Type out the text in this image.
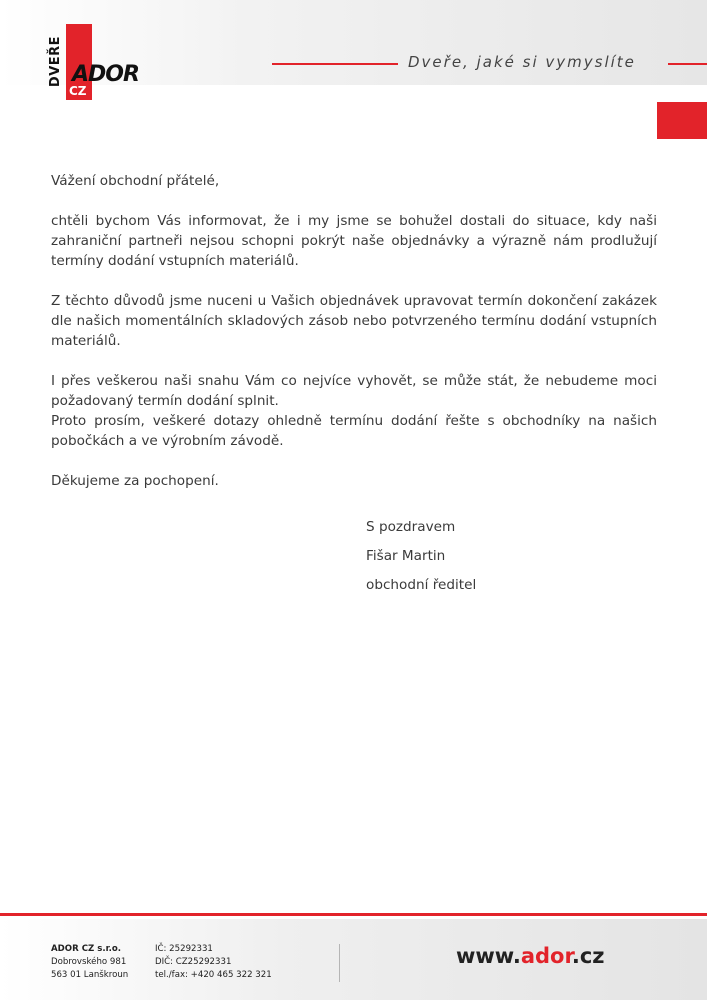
DVEŘE ADOR
CZ
Dveře, jaké si vymyslíte

Vážení obchodní přátelé,

chtěli bychom Vás informovat, že i my jsme se bohužel dostali do situace, kdy naši zahraniční partneři nejsou schopni pokrýt naše objednávky a výrazně nám prodlužují termíny dodání vstupních materiálů.

Z těchto důvodů jsme nuceni u Vašich objednávek upravovat termín dokončení zakázek dle našich momentálních skladových zásob nebo potvrzeného termínu dodání vstupních materiálů.

I přes veškerou naši snahu Vám co nejvíce vyhovět, se může stát, že nebudeme moci požadovaný termín dodání splnit.

Proto prosím, veškeré dotazy ohledně termínu dodání řešte s obchodníky na našich pobočkách a ve výrobním závodě.

Děkujeme za pochopení.

S pozdravem
Fišar Martin
obchodní ředitel
ADOR CZ s.r.o.
Dobrovského 981
563 01 Lanškroun
IČ: 25292331
DIČ: CZ25292331
tel./fax: +420 465 322 321
www.ador.cz
